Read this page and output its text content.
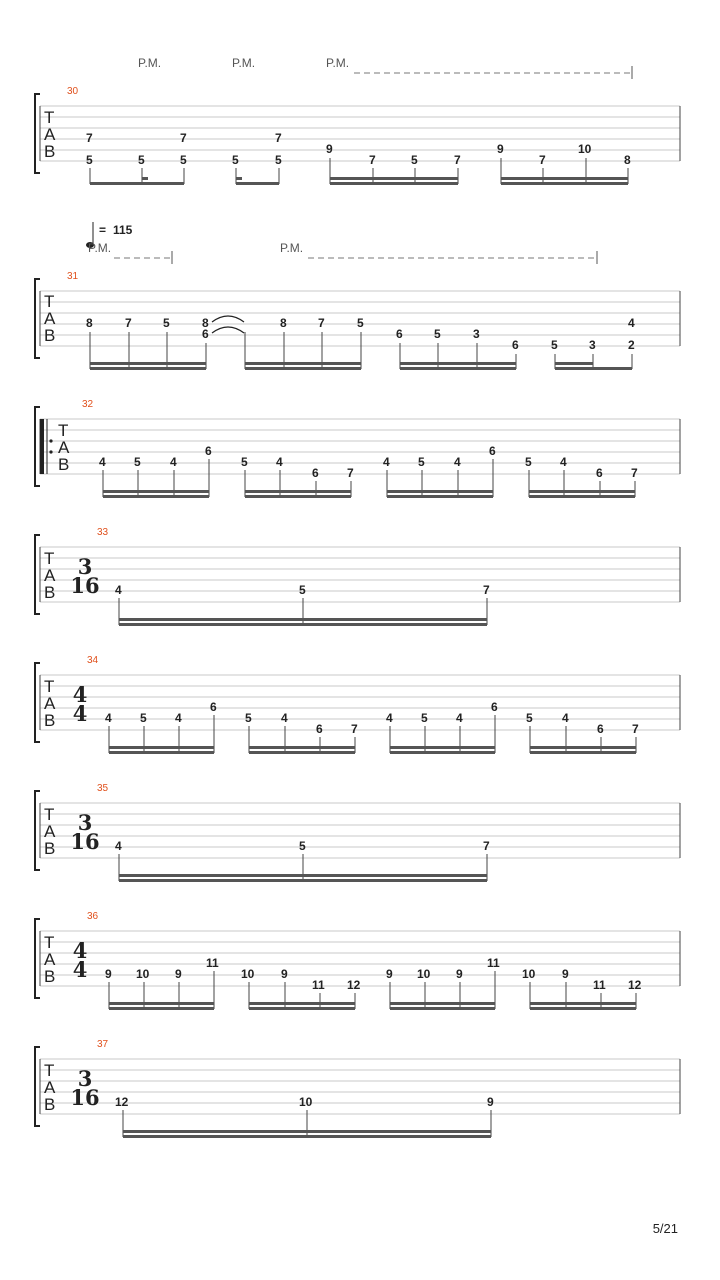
P.M.	P.M.	P.M.
30
T
A
B
7
5	5
7
5	5
7
5
9
7	5	7
9
7
10
8
= 115
P.M.	P.M.
31
T
A
B
8	7	5	8
6
8	7	5
6	5	3
6	5	3
4
2
32
T
A
B 4 5 4
6
5 4
6 7
4 5 4
6
5 4
6 7
33
T
A
B
3
16 4	5	7
34
T
A
B
4
4 4 5 4
6
5 4
6 7
4 5 4
6
5 4
6 7
35
T
A
B
3
16 4	5	7
36
T
A
B
4
4 9 10 9
11
10 9
11 12
9 10 9
11
10 9
11 12
37
T
A
B
3
16 12	10	9
5/21
